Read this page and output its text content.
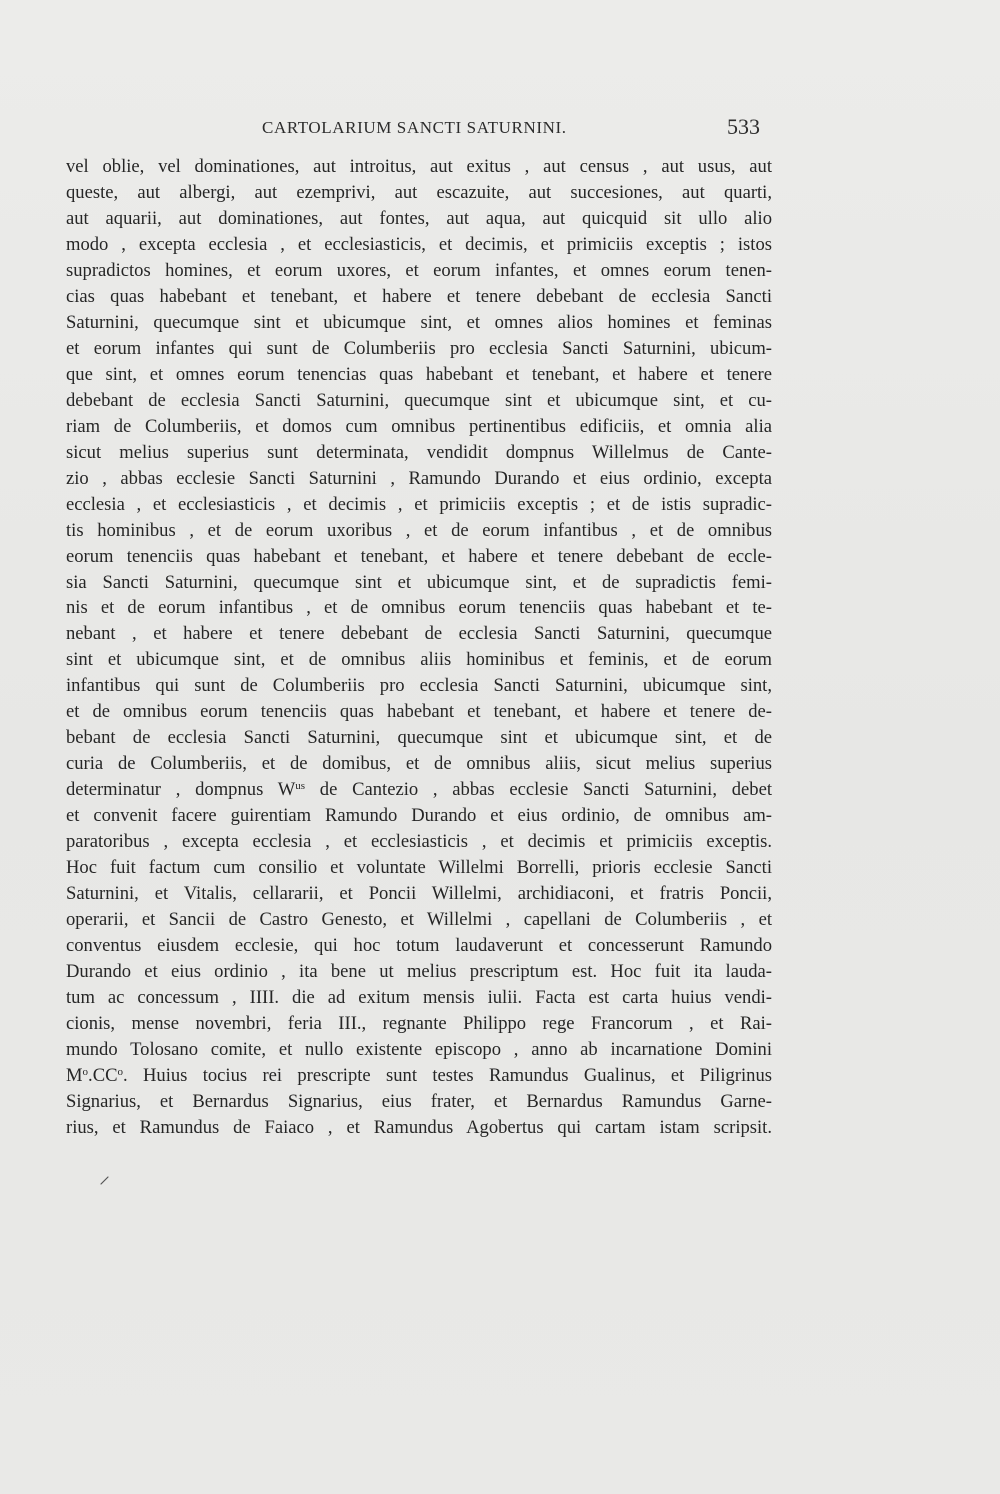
CARTOLARIUM SANCTI SATURNINI.	533
vel oblie, vel dominationes, aut introitus, aut exitus , aut census , aut usus, aut
queste, aut albergi, aut ezemprivi, aut escazuite, aut succesiones, aut quarti,
aut aquarii, aut dominationes, aut fontes, aut aqua, aut quicquid sit ullo alio
modo , excepta ecclesia , et ecclesiasticis, et decimis, et primiciis exceptis ; istos
supradictos homines, et eorum uxores, et eorum infantes, et omnes eorum tenen-
cias quas habebant et tenebant, et habere et tenere debebant de ecclesia Sancti
Saturnini, quecumque sint et ubicumque sint, et omnes alios homines et feminas
et eorum infantes qui sunt de Columberiis pro ecclesia Sancti Saturnini, ubicum-
que sint, et omnes eorum tenencias quas habebant et tenebant, et habere et tenere
debebant de ecclesia Sancti Saturnini, quecumque sint et ubicumque sint, et cu-
riam de Columberiis, et domos cum omnibus pertinentibus edificiis, et omnia alia
sicut melius superius sunt determinata, vendidit dompnus Willelmus de Cante-
zio , abbas ecclesie Sancti Saturnini , Ramundo Durando et eius ordinio, excepta
ecclesia , et ecclesiasticis , et decimis , et primiciis exceptis ; et de istis supradic-
tis hominibus , et de eorum uxoribus , et de eorum infantibus , et de omnibus
eorum tenenciis quas habebant et tenebant, et habere et tenere debebant de eccle-
sia Sancti Saturnini, quecumque sint et ubicumque sint, et de supradictis femi-
nis et de eorum infantibus , et de omnibus eorum tenenciis quas habebant et te-
nebant , et habere et tenere debebant de ecclesia Sancti Saturnini, quecumque
sint et ubicumque sint, et de omnibus aliis hominibus et feminis, et de eorum
infantibus qui sunt de Columberiis pro ecclesia Sancti Saturnini, ubicumque sint,
et de omnibus eorum tenenciis quas habebant et tenebant, et habere et tenere de-
bebant de ecclesia Sancti Saturnini, quecumque sint et ubicumque sint, et de
curia de Columberiis, et de domibus, et de omnibus aliis, sicut melius superius
determinatur , dompnus $W^{us}$ de Cantezio , abbas ecclesie Sancti Saturnini, debet
et convenit facere guirentiam Ramundo Durando et eius ordinio, de omnibus am-
paratoribus , excepta ecclesia , et ecclesiasticis , et decimis et primiciis exceptis.
Hoc fuit factum cum consilio et voluntate Willelmi Borrelli, prioris ecclesie Sancti
Saturnini, et Vitalis, cellararii, et Poncii Willelmi, archidiaconi, et fratris Poncii,
operarii, et Sancii de Castro Genesto, et Willelmi , capellani de Columberiis , et
conventus eiusdem ecclesie, qui hoc totum laudaverunt et concesserunt Ramundo
Durando et eius ordinio , ita bene ut melius prescriptum est. Hoc fuit ita lauda-
tum ac concessum , IIII. die ad exitum mensis iulii. Facta est carta huius vendi-
cionis, mense novembri, feria III., regnante Philippo rege Francorum , et Rai-
mundo Tolosano comite, et nullo existente episcopo , anno ab incarnatione Domini
$M^o.CC^o$. Huius tocius rei prescripte sunt testes Ramundus Gualinus, et Piligrinus
Signarius, et Bernardus Signarius, eius frater, et Bernardus Ramundus Garne-
rius, et Ramundus de Faiaco , et Ramundus Agobertus qui cartam istam scripsit.
